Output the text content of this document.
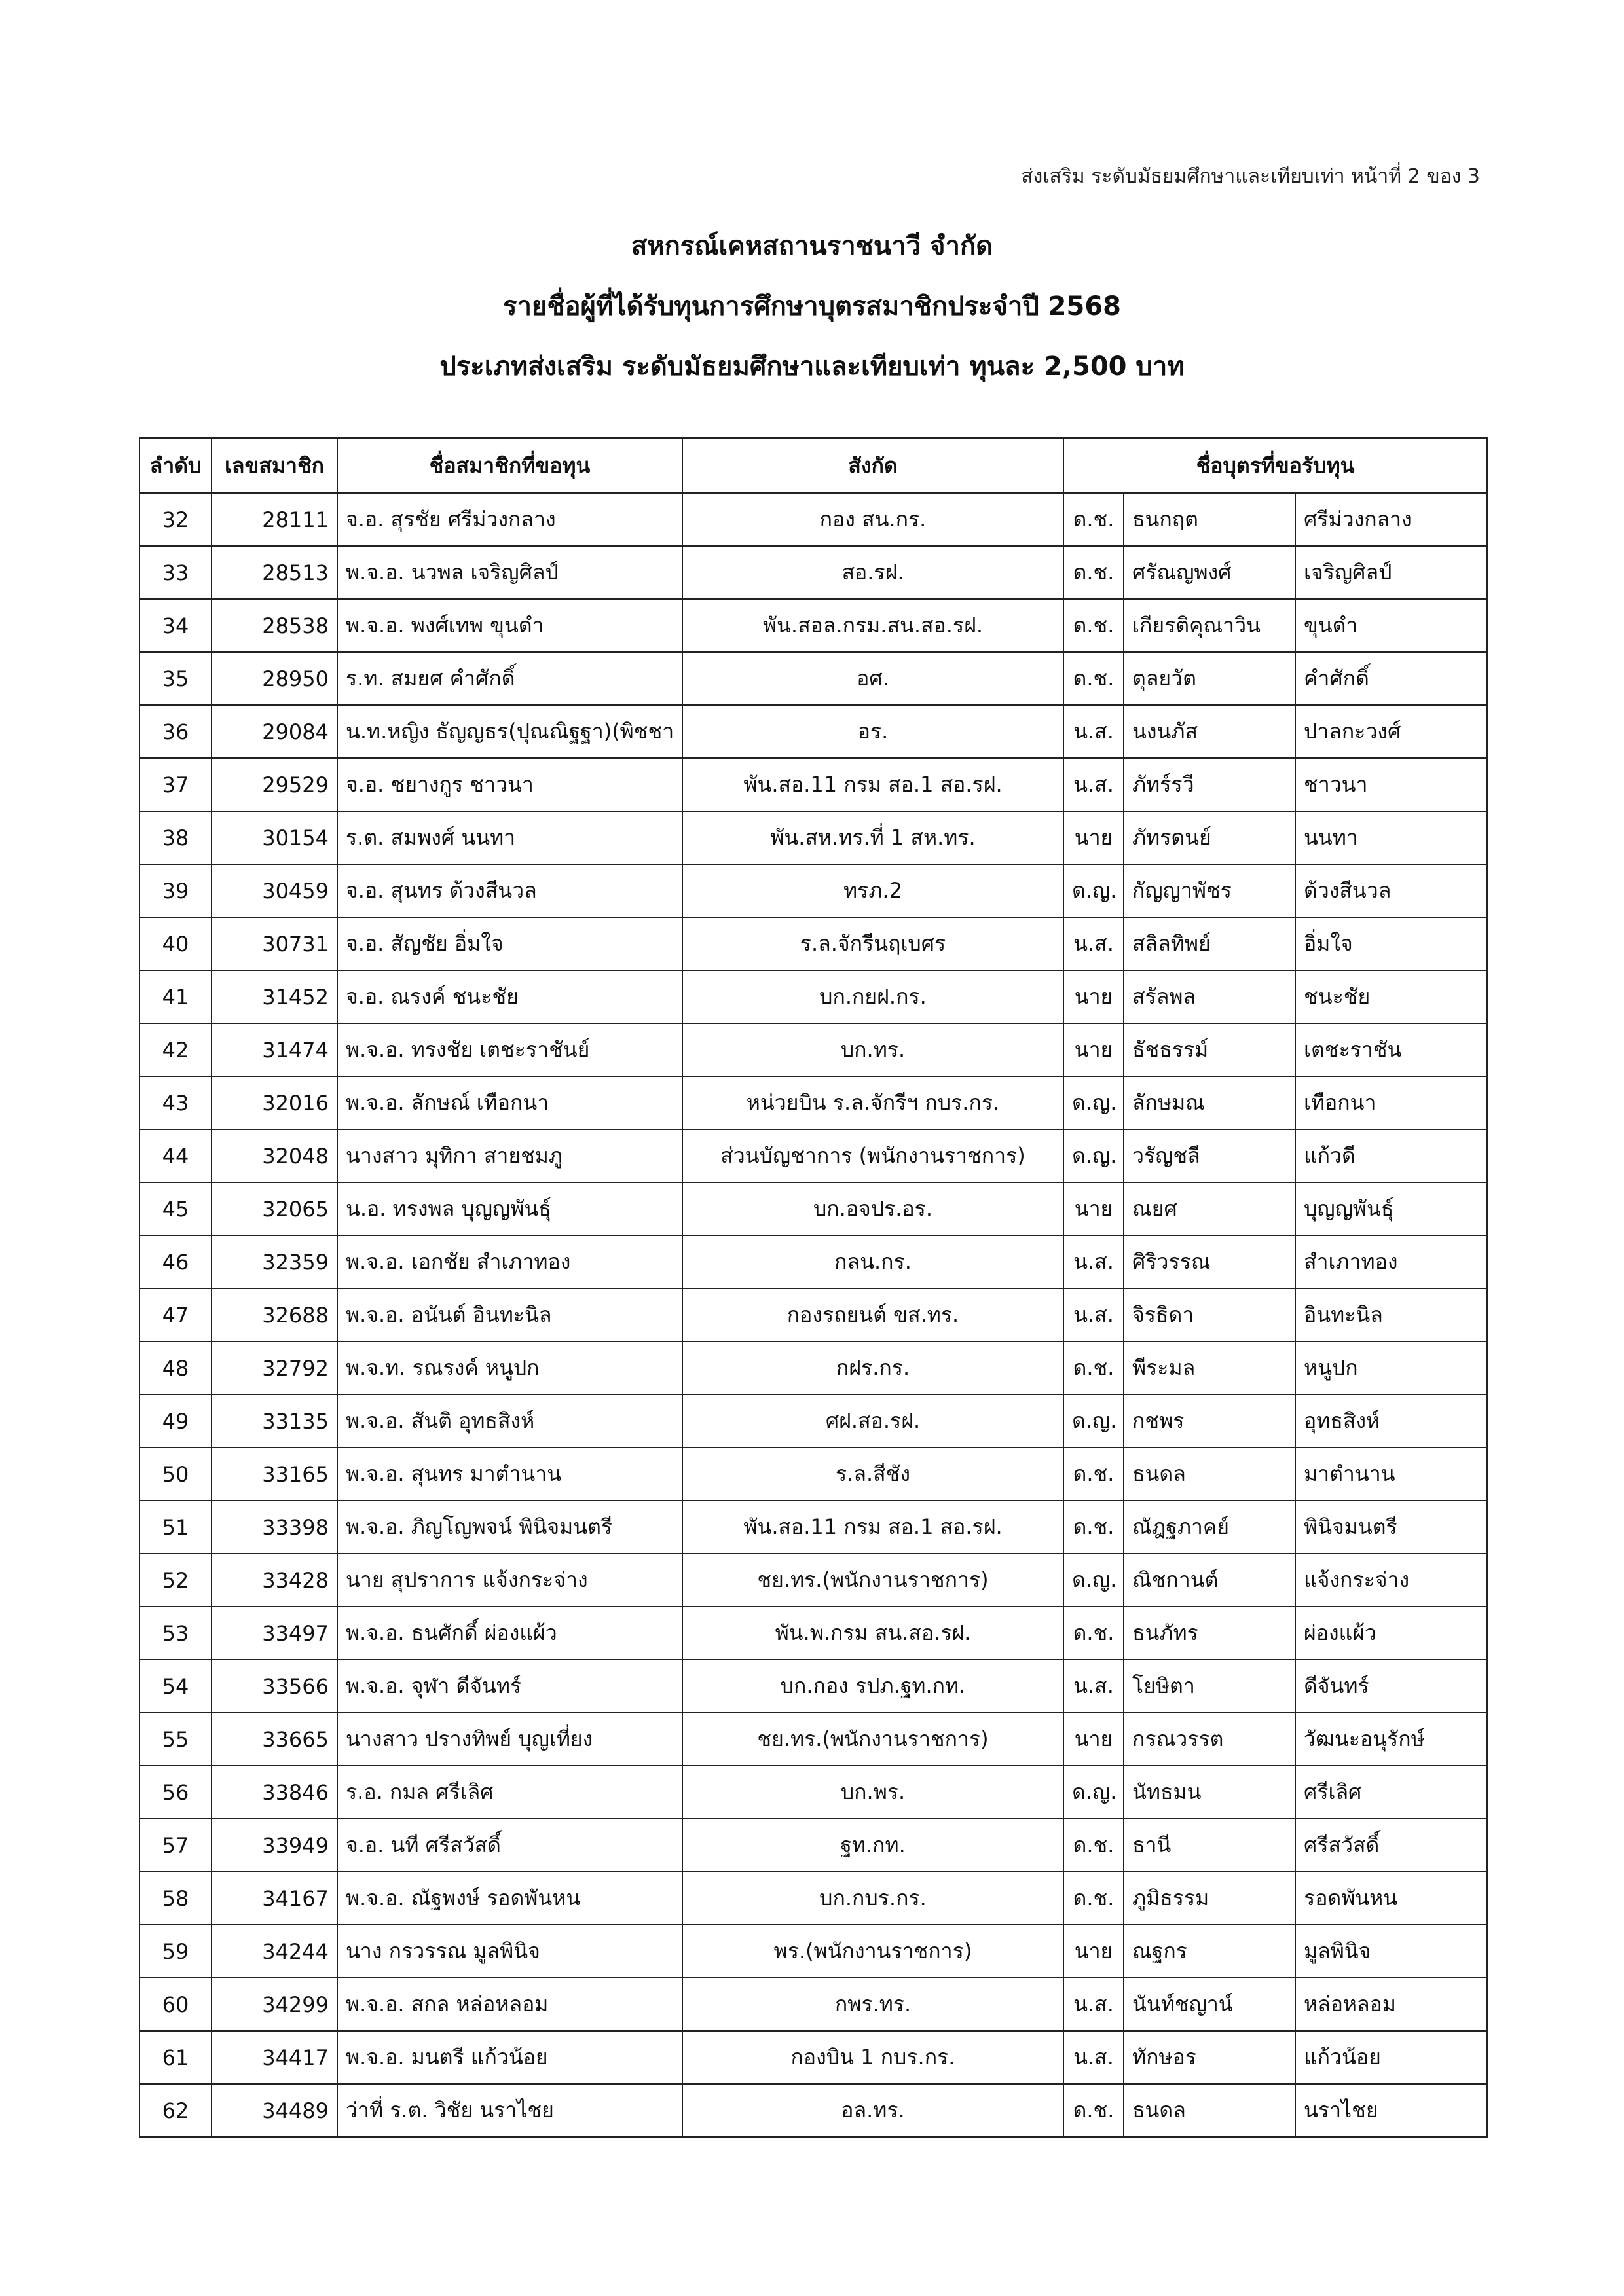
ส่งเสริม ระดับมัธยมศึกษาและเทียบเท่า หน้าที่ 2 ของ 3
สหกรณ์เคหสถานราชนาวี จำกัด
รายชื่อผู้ที่ได้รับทุนการศึกษาบุตรสมาชิกประจำปี 2568
ประเภทส่งเสริม ระดับมัธยมศึกษาและเทียบเท่า ทุนละ 2,500 บาท
ลำดับ	เลขสมาชิก	ชื่อสมาชิกที่ขอทุน	สังกัด	ชื่อบุตรที่ขอรับทุน		
32	28111	จ.อ. สุรชัย ศรีม่วงกลาง	กอง สน.กร.	ด.ช.	ธนกฤต	ศรีม่วงกลาง
33	28513	พ.จ.อ. นวพล เจริญศิลป์	สอ.รฝ.	ด.ช.	ศรัณญพงศ์	เจริญศิลป์
34	28538	พ.จ.อ. พงศ์เทพ ขุนดำ	พัน.สอล.กรม.สน.สอ.รฝ.	ด.ช.	เกียรติคุณาวิน	ขุนดำ
35	28950	ร.ท. สมยศ คำศักดิ์	อศ.	ด.ช.	ตุลยวัต	คำศักดิ์
36	29084	น.ท.หญิง ธัญญธร(ปุณณิฐฐา)(พิชชา	อร.	น.ส.	นงนภัส	ปาลกะวงศ์
37	29529	จ.อ. ชยางกูร ชาวนา	พัน.สอ.11 กรม สอ.1 สอ.รฝ.	น.ส.	ภัทร์รวี	ชาวนา
38	30154	ร.ต. สมพงศ์ นนทา	พัน.สห.ทร.ที่ 1 สห.ทร.	นาย	ภัทรดนย์	นนทา
39	30459	จ.อ. สุนทร ด้วงสีนวล	ทรภ.2	ด.ญ.	กัญญาพัชร	ด้วงสีนวล
40	30731	จ.อ. สัญชัย อิ่มใจ	ร.ล.จักรีนฤเบศร	น.ส.	สลิลทิพย์	อิ่มใจ
41	31452	จ.อ. ณรงค์ ชนะชัย	บก.กยฝ.กร.	นาย	สรัลพล	ชนะชัย
42	31474	พ.จ.อ. ทรงชัย เตชะราชันย์	บก.ทร.	นาย	ธัชธรรม์	เตชะราชัน
43	32016	พ.จ.อ. ลักษณ์ เทือกนา	หน่วยบิน ร.ล.จักรีฯ กบร.กร.	ด.ญ.	ลักษมณ	เทือกนา
44	32048	นางสาว มุทิกา สายชมภู	ส่วนบัญชาการ (พนักงานราชการ)	ด.ญ.	วรัญชลี	แก้วดี
45	32065	น.อ. ทรงพล บุญญพันธุ์	บก.อจปร.อร.	นาย	ณยศ	บุญญพันธุ์
46	32359	พ.จ.อ. เอกชัย สำเภาทอง	กลน.กร.	น.ส.	ศิริวรรณ	สำเภาทอง
47	32688	พ.จ.อ. อนันต์ อินทะนิล	กองรถยนต์ ขส.ทร.	น.ส.	จิรธิดา	อินทะนิล
48	32792	พ.จ.ท. รณรงค์ หนูปก	กฝร.กร.	ด.ช.	พีระมล	หนูปก
49	33135	พ.จ.อ. สันติ อุทธสิงห์	ศฝ.สอ.รฝ.	ด.ญ.	กชพร	อุทธสิงห์
50	33165	พ.จ.อ. สุนทร มาตำนาน	ร.ล.สีชัง	ด.ช.	ธนดล	มาตำนาน
51	33398	พ.จ.อ. ภิญโญพจน์ พินิจมนตรี	พัน.สอ.11 กรม สอ.1 สอ.รฝ.	ด.ช.	ณัฎฐภาคย์	พินิจมนตรี
52	33428	นาย สุปราการ แจ้งกระจ่าง	ชย.ทร.(พนักงานราชการ)	ด.ญ.	ณิชกานต์	แจ้งกระจ่าง
53	33497	พ.จ.อ. ธนศักดิ์ ผ่องแผ้ว	พัน.พ.กรม สน.สอ.รฝ.	ด.ช.	ธนภัทร	ผ่องแผ้ว
54	33566	พ.จ.อ. จุฬา ดีจันทร์	บก.กอง รปภ.ฐท.กท.	น.ส.	โยษิตา	ดีจันทร์
55	33665	นางสาว ปรางทิพย์ บุญเที่ยง	ชย.ทร.(พนักงานราชการ)	นาย	กรณวรรต	วัฒนะอนุรักษ์
56	33846	ร.อ. กมล ศรีเลิศ	บก.พร.	ด.ญ.	นัทธมน	ศรีเลิศ
57	33949	จ.อ. นที ศรีสวัสดิ์	ฐท.กท.	ด.ช.	ธานี	ศรีสวัสดิ์
58	34167	พ.จ.อ. ณัฐพงษ์ รอดพันหน	บก.กบร.กร.	ด.ช.	ภูมิธรรม	รอดพันหน
59	34244	นาง กรวรรณ มูลพินิจ	พร.(พนักงานราชการ)	นาย	ณฐกร	มูลพินิจ
60	34299	พ.จ.อ. สกล หล่อหลอม	กพร.ทร.	น.ส.	นันท์ชญาน์	หล่อหลอม
61	34417	พ.จ.อ. มนตรี แก้วน้อย	กองบิน 1 กบร.กร.	น.ส.	ทักษอร	แก้วน้อย
62	34489	ว่าที่ ร.ต. วิชัย นราไชย	อล.ทร.	ด.ช.	ธนดล	นราไชย
